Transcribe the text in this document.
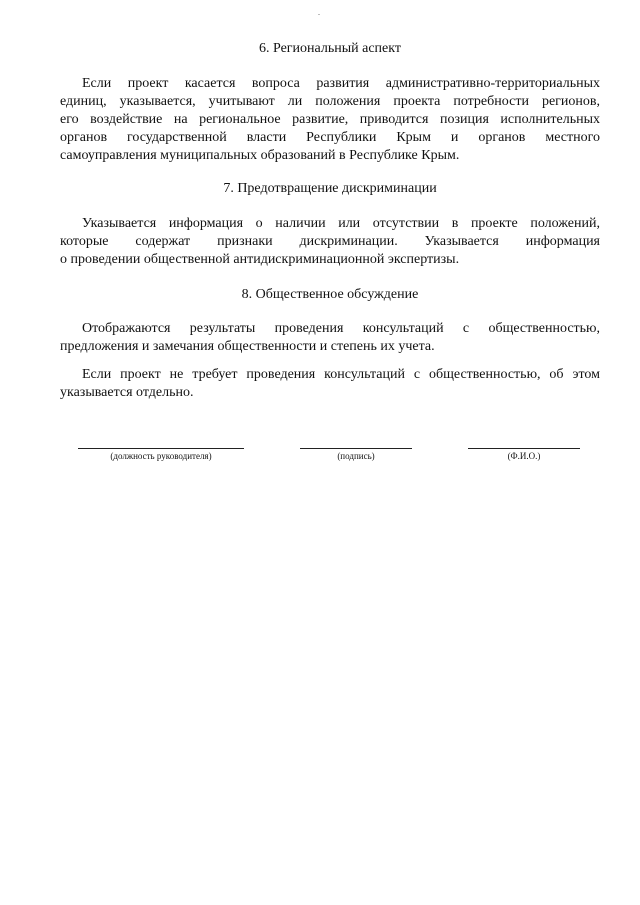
6. Региональный аспект
Если проект касается вопроса развития административно-территориальных
единиц, указывается, учитывают ли положения проекта потребности регионов,
его воздействие на региональное развитие, приводится позиция исполнительных
органов государственной власти Республики Крым и органов местного
самоуправления муниципальных образований в Республике Крым.
7. Предотвращение дискриминации
Указывается информация о наличии или отсутствии в проекте положений,
которые содержат признаки дискриминации. Указывается информация
о проведении общественной антидискриминационной экспертизы.
8. Общественное обсуждение
Отображаются результаты проведения консультаций с общественностью,
предложения и замечания общественности и степень их учета.
Если проект не требует проведения консультаций с общественностью, об этом
указывается отдельно.
(должность руководителя)	(подпись)	(Ф.И.О.)
